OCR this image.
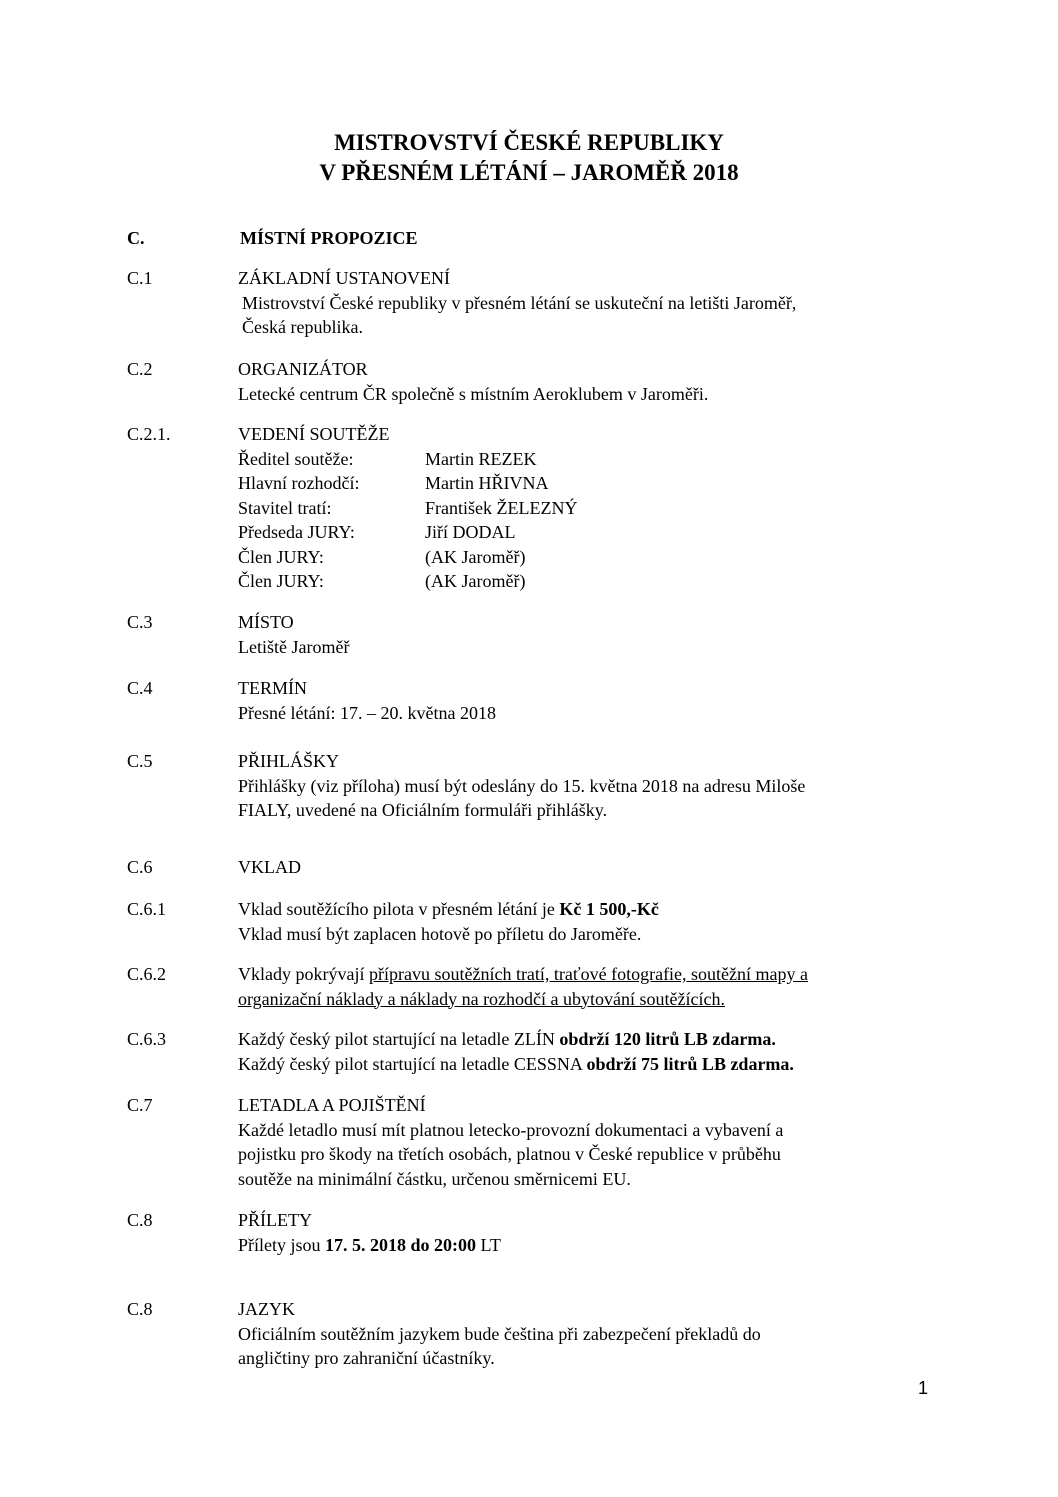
MISTROVSTVÍ ČESKÉ REPUBLIKY
V PŘESNÉM LÉTÁNÍ – JAROMĚŘ 2018
C.	MÍSTNÍ PROPOZICE
C.1	ZÁKLADNÍ USTANOVENÍ
Mistrovství České republiky v přesném létání se uskuteční na letišti Jaroměř,
Česká republika.
C.2	ORGANIZÁTOR
Letecké centrum ČR společně s místním Aeroklubem v Jaroměři.
C.2.1.	VEDENÍ SOUTĚŽE
Ředitel soutěže:	Martin REZEK
Hlavní rozhodčí:	Martin HŘIVNA
Stavitel tratí:	František ŽELEZNÝ
Předseda JURY:	Jiří DODAL
Člen JURY:	(AK Jaroměř)
Člen JURY:	(AK Jaroměř)
C.3	MÍSTO
Letiště Jaroměř
C.4	TERMÍN
Přesné létání: 17. – 20. května 2018
C.5	PŘIHLÁŠKY
Přihlášky (viz příloha) musí být odeslány do 15. května 2018 na adresu Miloše
FIALY, uvedené na Oficiálním formuláři přihlášky.
C.6	VKLAD
C.6.1	Vklad soutěžícího pilota v přesném létání je Kč 1 500,-Kč
Vklad musí být zaplacen hotově po příletu do Jaroměře.
C.6.2	Vklady pokrývají přípravu soutěžních tratí, traťové fotografie, soutěžní mapy a
organizační náklady a náklady na rozhodčí a ubytování soutěžících.
C.6.3	Každý český pilot startující na letadle ZLÍN obdrží 120 litrů LB zdarma.
Každý český pilot startující na letadle CESSNA obdrží 75 litrů LB zdarma.
C.7	LETADLA A POJIŠTĚNÍ
Každé letadlo musí mít platnou letecko-provozní dokumentaci a vybavení a
pojistku pro škody na třetích osobách, platnou v České republice v průběhu
soutěže na minimální částku, určenou směrnicemi EU.
C.8	PŘÍLETY
Přílety jsou 17. 5. 2018 do 20:00 LT
C.8	JAZYK
Oficiálním soutěžním jazykem bude čeština při zabezpečení překladů do
angličtiny pro zahraniční účastníky.
1
